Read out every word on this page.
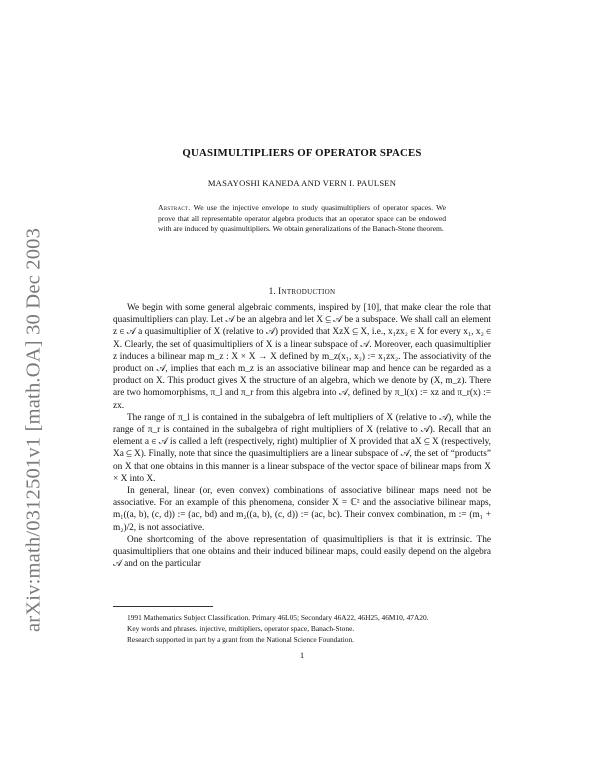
arXiv:math/0312501v1 [math.OA] 30 Dec 2003
QUASIMULTIPLIERS OF OPERATOR SPACES
MASAYOSHI KANEDA AND VERN I. PAULSEN
Abstract. We use the injective envelope to study quasimultipliers of operator spaces. We prove that all representable operator algebra products that an operator space can be endowed with are induced by quasimultipliers. We obtain generalizations of the Banach-Stone theorem.
1. Introduction

We begin with some general algebraic comments, inspired by [10], that make clear the role that quasimultipliers can play. Let 𝒜 be an algebra and let X ⊆ 𝒜 be a subspace. We shall call an element z ∈ 𝒜 a quasimultiplier of X (relative to 𝒜) provided that XzX ⊆ X, i.e., x₁zx₂ ∈ X for every x₁, x₂ ∈ X. Clearly, the set of quasimultipliers of X is a linear subspace of 𝒜. Moreover, each quasimultiplier z induces a bilinear map m_z : X × X → X defined by m_z(x₁, x₂) := x₁zx₂. The associativity of the product on 𝒜, implies that each m_z is an associative bilinear map and hence can be regarded as a product on X. This product gives X the structure of an algebra, which we denote by (X, m_z). There are two homomorphisms, π_l and π_r from this algebra into 𝒜, defined by π_l(x) := xz and π_r(x) := zx.

The range of π_l is contained in the subalgebra of left multipliers of X (relative to 𝒜), while the range of π_r is contained in the subalgebra of right multipliers of X (relative to 𝒜). Recall that an element a ∈ 𝒜 is called a left (respectively, right) multiplier of X provided that aX ⊆ X (respectively, Xa ⊆ X). Finally, note that since the quasimultipliers are a linear subspace of 𝒜, the set of “products” on X that one obtains in this manner is a linear subspace of the vector space of bilinear maps from X × X into X.

In general, linear (or, even convex) combinations of associative bilinear maps need not be associative. For an example of this phenomena, consider X = ℂ² and the associative bilinear maps, m₁((a, b), (c, d)) := (ac, bd) and m₂((a, b), (c, d)) := (ac, bc). Their convex combination, m := (m₁ + m₂)/2, is not associative.

One shortcoming of the above representation of quasimultipliers is that it is extrinsic. The quasimultipliers that one obtains and their induced bilinear maps, could easily depend on the algebra 𝒜 and on the particular

1991 Mathematics Subject Classification. Primary 46L05; Secondary 46A22, 46H25, 46M10, 47A20.

Key words and phrases. injective, multipliers, operator space, Banach-Stone.

Research supported in part by a grant from the National Science Foundation.

1
